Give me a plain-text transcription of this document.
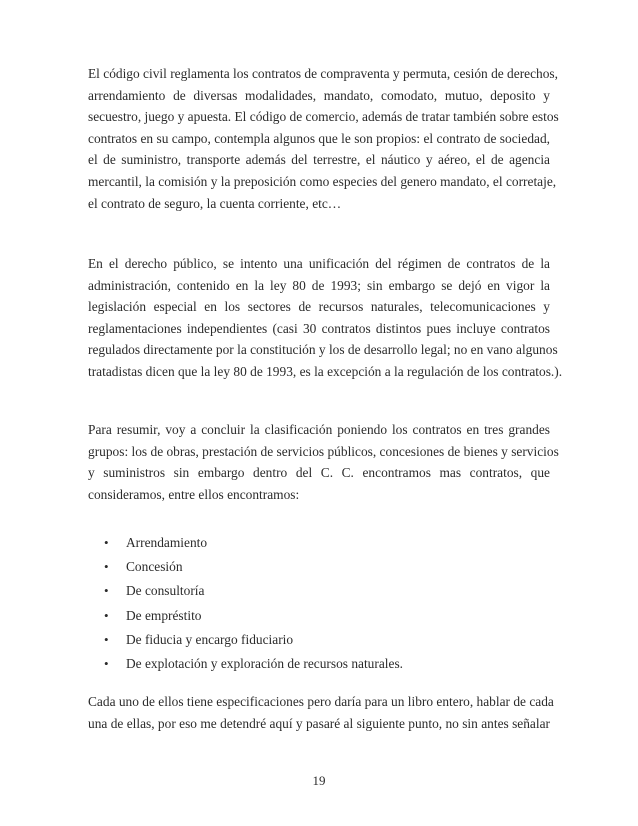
El código civil reglamenta los contratos de compraventa y permuta, cesión de derechos,
arrendamiento de diversas modalidades, mandato, comodato, mutuo, deposito y
secuestro, juego y apuesta. El código de comercio, además de tratar también sobre estos
contratos en su campo, contempla algunos que le son propios: el contrato de sociedad,
el de suministro, transporte además del terrestre, el náutico y aéreo, el de agencia
mercantil, la comisión y la preposición como especies del genero mandato, el corretaje,
el contrato de seguro, la cuenta corriente, etc…

En el derecho público, se intento una unificación del régimen de contratos de la
administración, contenido en la ley 80 de 1993; sin embargo se dejó en vigor la
legislación especial en los sectores de recursos naturales, telecomunicaciones y
reglamentaciones independientes (casi 30 contratos distintos pues incluye contratos
regulados directamente por la constitución y los de desarrollo legal; no en vano algunos
tratadistas dicen que la ley 80 de 1993, es la excepción a la regulación de los contratos.).

Para resumir, voy a concluir la clasificación poniendo los contratos en tres grandes
grupos: los de obras, prestación de servicios públicos, concesiones de bienes y servicios
y suministros sin embargo dentro del C. C. encontramos mas contratos, que
consideramos, entre ellos encontramos:

• Arrendamiento
• Concesión
• De consultoría
• De empréstito
• De fiducia y encargo fiduciario
• De explotación y exploración de recursos naturales.

Cada uno de ellos tiene especificaciones pero daría para un libro entero, hablar de cada
una de ellas, por eso me detendré aquí y pasaré al siguiente punto, no sin antes señalar

19
